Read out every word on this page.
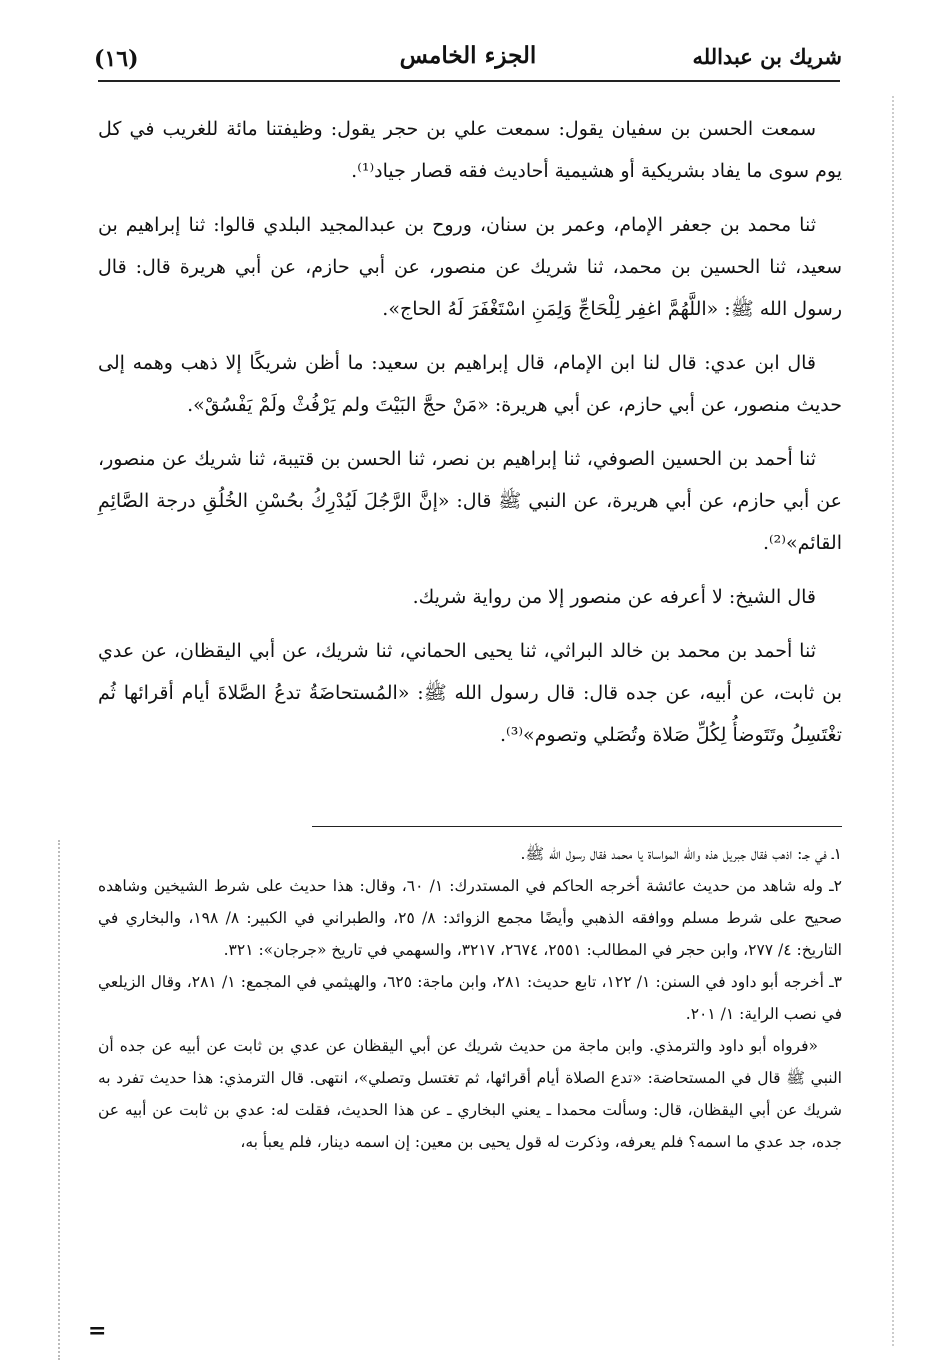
شريك بن عبدالله
الجزء الخامس
(١٦)

سمعت الحسن بن سفيان يقول: سمعت علي بن حجر يقول: وظيفتنا مائة للغريب في كل يوم سوى ما يفاد بشريكية أو هشيمية أحاديث فقه قصار جياد⁽¹⁾.

ثنا محمد بن جعفر الإمام، وعمر بن سنان، وروح بن عبدالمجيد البلدي قالوا: ثنا إبراهيم بن سعيد، ثنا الحسين بن محمد، ثنا شريك عن منصور، عن أبي حازم، عن أبي هريرة قال: قال رسول الله ﷺ: «اللَّهُمَّ اغفِر لِلْحَاجِّ وَلِمَنِ اسْتَغْفَرَ لَهُ الحاج».

قال ابن عدي: قال لنا ابن الإمام، قال إبراهيم بن سعيد: ما أظن شريكًا إلا ذهب وهمه إلى حديث منصور، عن أبي حازم، عن أبي هريرة: «مَنْ حجَّ البَيْتَ ولم يَرْفُثْ ولَمْ يَفْسُقْ».

ثنا أحمد بن الحسين الصوفي، ثنا إبراهيم بن نصر، ثنا الحسن بن قتيبة، ثنا شريك عن منصور، عن أبي حازم، عن أبي هريرة، عن النبي ﷺ قال: «إنَّ الرَّجُلَ لَيُدْرِكُ بحُسْنِ الخُلُقِ درجة الصَّائِمِ القائم»⁽²⁾.

قال الشيخ: لا أعرفه عن منصور إلا من رواية شريك.

ثنا أحمد بن محمد بن خالد البراثي، ثنا يحيى الحماني، ثنا شريك، عن أبي اليقظان، عن عدي بن ثابت، عن أبيه، عن جده قال: قال رسول الله ﷺ: «المُستحاضَةُ تدعُ الصَّلاةَ أيام أقرائها ثُم تغْتَسِلُ وتَتَوضأُ لِكُلِّ صَلاة وتُصَلي وتصوم»⁽³⁾.

١ـ في جـ: اذهب فقال جبريل هذه والله المواساة يا محمد فقال رسول الله ﷺ.

٢ـ وله شاهد من حديث عائشة أخرجه الحاكم في المستدرك: ١/ ٦٠، وقال: هذا حديث على شرط الشيخين وشاهده صحيح على شرط مسلم ووافقه الذهبي وأيضًا مجمع الزوائد: ٨/ ٢٥، والطبراني في الكبير: ٨/ ١٩٨، والبخاري في التاريخ: ٤/ ٢٧٧، وابن حجر في المطالب: ٢٥٥١، ٢٦٧٤، ٣٢١٧، والسهمي في تاريخ «جرجان»: ٣٢١.

٣ـ أخرجه أبو داود في السنن: ١/ ١٢٢، تابع حديث: ٢٨١، وابن ماجة: ٦٢٥، والهيثمي في المجمع: ١/ ٢٨١، وقال الزيلعي في نصب الراية: ١/ ٢٠١.

«فرواه أبو داود والترمذي. وابن ماجة من حديث شريك عن أبي اليقظان عن عدي بن ثابت عن أبيه عن جده أن النبي ﷺ قال في المستحاضة: «تدع الصلاة أيام أقرائها، ثم تغتسل وتصلي»، انتهى. قال الترمذي: هذا حديث تفرد به شريك عن أبي اليقظان، قال: وسألت محمدا ـ يعني البخاري ـ عن هذا الحديث، فقلت له: عدي بن ثابت عن أبيه عن جده، جد عدي ما اسمه؟ فلم يعرفه، وذكرت له قول يحيى بن معين: إن اسمه دينار، فلم يعبأ به،

=
